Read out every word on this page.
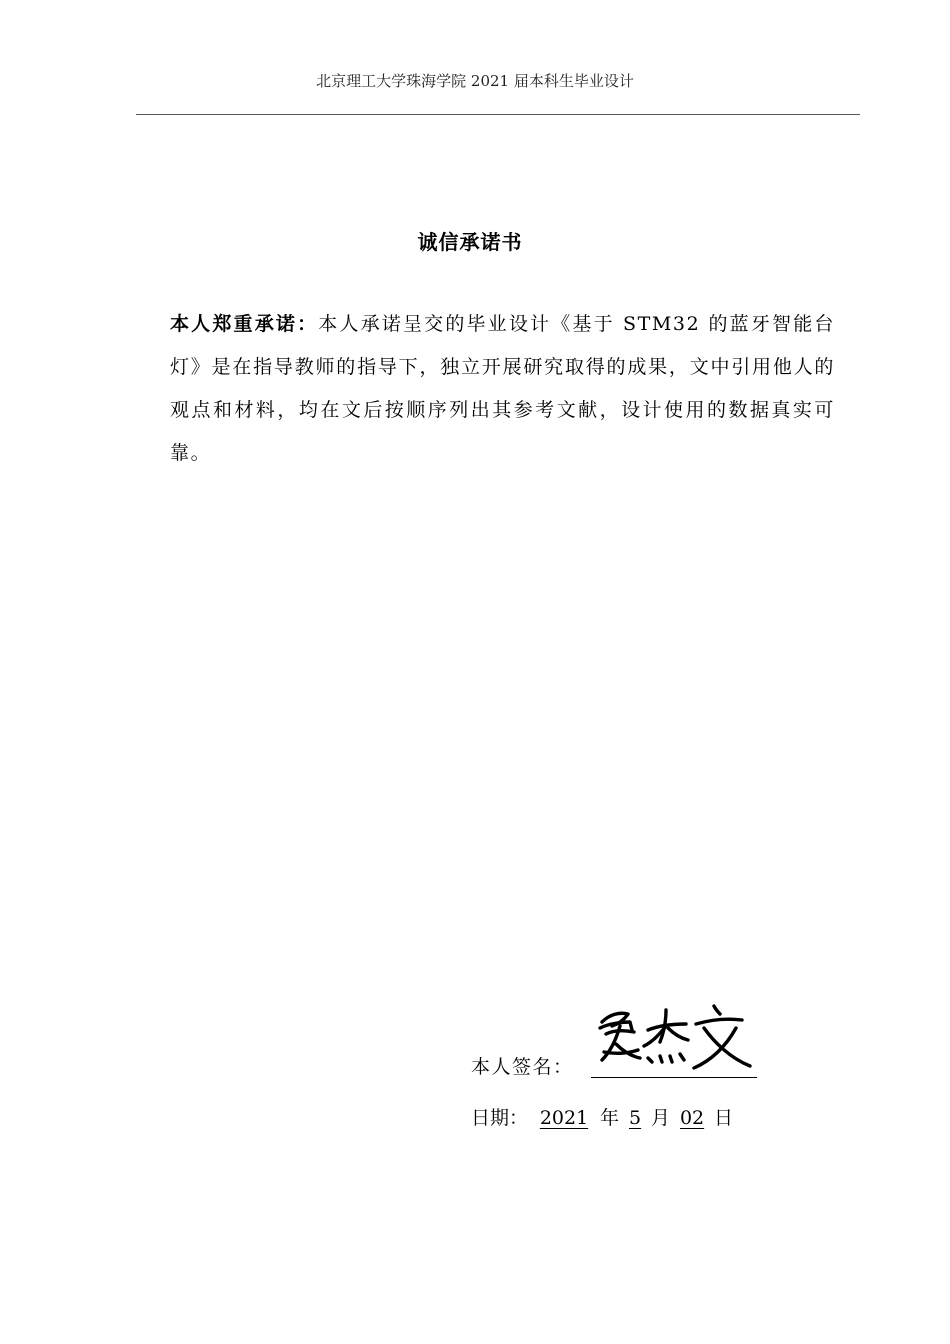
北京理工大学珠海学院 2021 届本科生毕业设计
诚信承诺书

本人郑重承诺：本人承诺呈交的毕业设计《基于 STM32 的蓝牙智能台灯》是在指导教师的指导下，独立开展研究取得的成果，文中引用他人的观点和材料，均在文后按顺序列出其参考文献，设计使用的数据真实可靠。

本人签名：
日期： 2021 年 5 月 02 日
